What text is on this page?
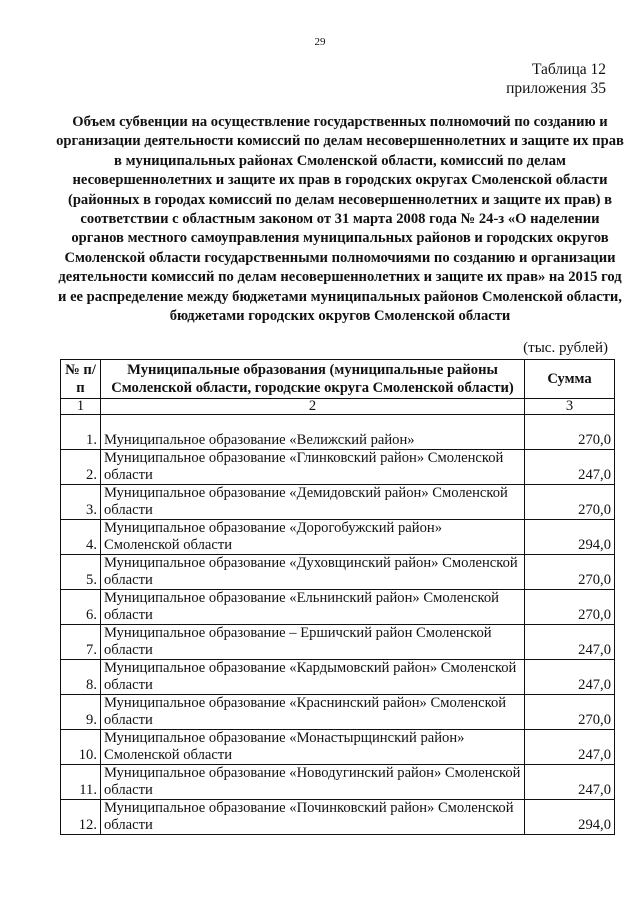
29
Таблица 12
приложения 35
Объем субвенции на осуществление государственных полномочий по созданию и организации деятельности комиссий по делам несовершеннолетних и защите их прав в муниципальных районах Смоленской области, комиссий по делам несовершеннолетних и защите их прав в городских округах Смоленской области (районных в городах комиссий по делам несовершеннолетних и защите их прав) в соответствии с областным законом от 31 марта 2008 года № 24-з «О наделении органов местного самоуправления муниципальных районов и городских округов Смоленской области государственными полномочиями по созданию и организации деятельности комиссий по делам несовершеннолетних и защите их прав» на 2015 год и ее распределение между бюджетами муниципальных районов Смоленской области, бюджетами городских округов Смоленской области
(тыс. рублей)
№ п/п	Муниципальные образования (муниципальные районы Смоленской области, городские округа Смоленской области)	Сумма
1	2	3
1.	Муниципальное образование «Велижский район»	270,0
2.	Муниципальное образование «Глинковский район» Смоленской области	247,0
3.	Муниципальное образование «Демидовский район» Смоленской области	270,0
4.	Муниципальное образование «Дорогобужский район» Смоленской области	294,0
5.	Муниципальное образование «Духовщинский район» Смоленской области	270,0
6.	Муниципальное образование «Ельнинский район» Смоленской области	270,0
7.	Муниципальное образование – Ершичский район Смоленской области	247,0
8.	Муниципальное образование «Кардымовский район» Смоленской области	247,0
9.	Муниципальное образование «Краснинский район» Смоленской области	270,0
10.	Муниципальное образование «Монастырщинский район» Смоленской области	247,0
11.	Муниципальное образование «Новодугинский район» Смоленской области	247,0
12.	Муниципальное образование «Починковский район» Смоленской области	294,0
